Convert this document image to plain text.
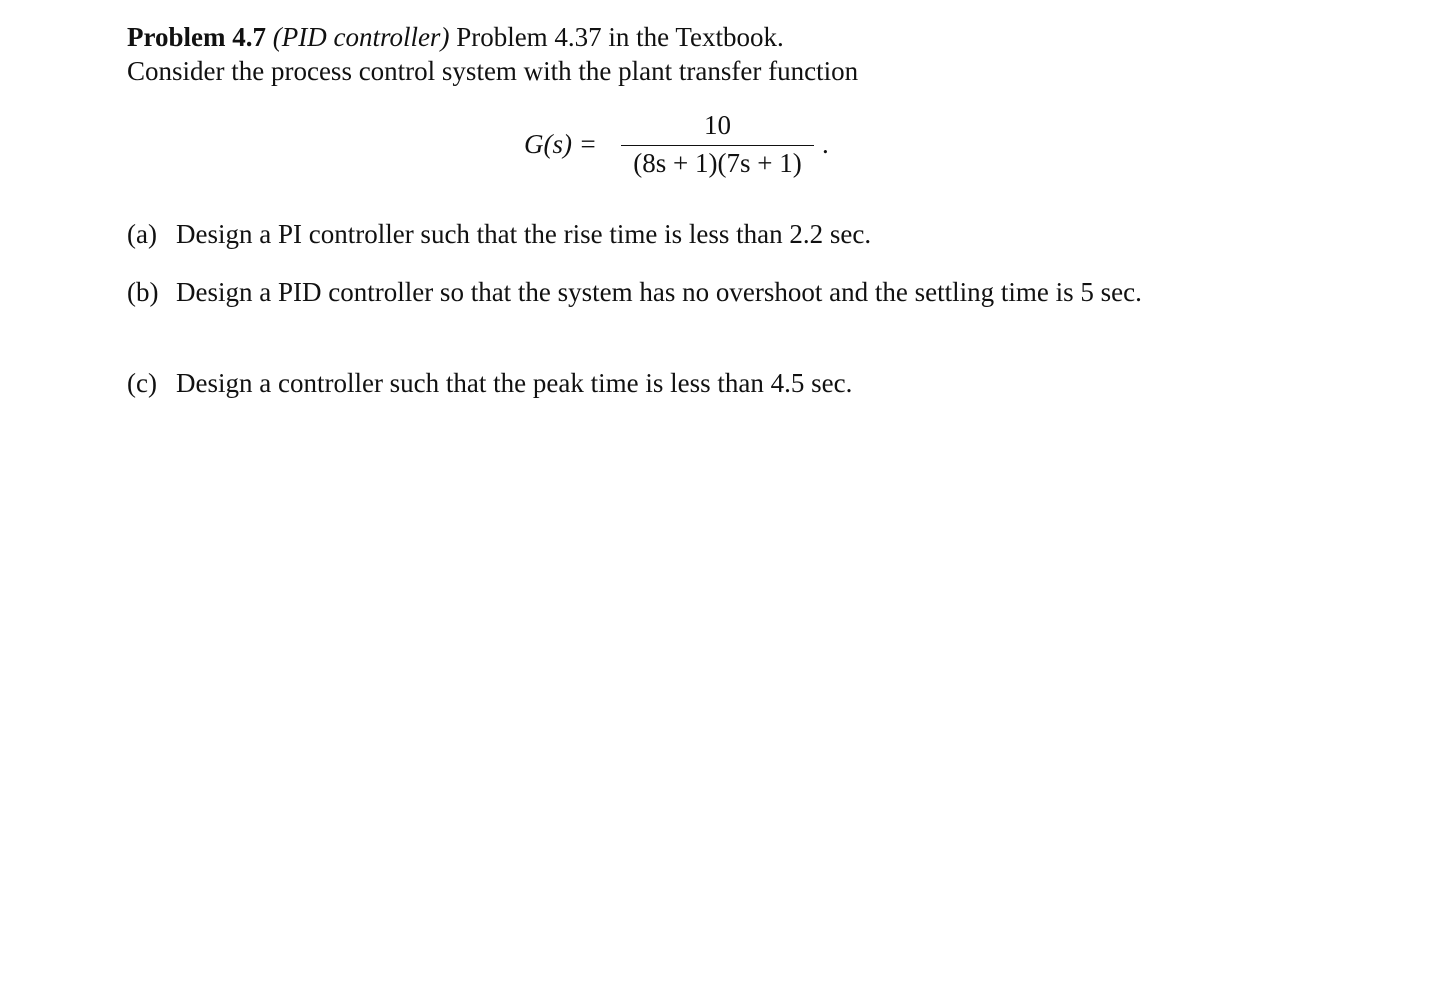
Problem 4.7 (PID controller) Problem 4.37 in the Textbook.
Consider the process control system with the plant transfer function
G(s) =
10
(8s + 1)(7s + 1)
.
(a) Design a PI controller such that the rise time is less than 2.2 sec.
(b) Design a PID controller so that the system has no overshoot and the settling time is 5 sec.
(c) Design a controller such that the peak time is less than 4.5 sec.
